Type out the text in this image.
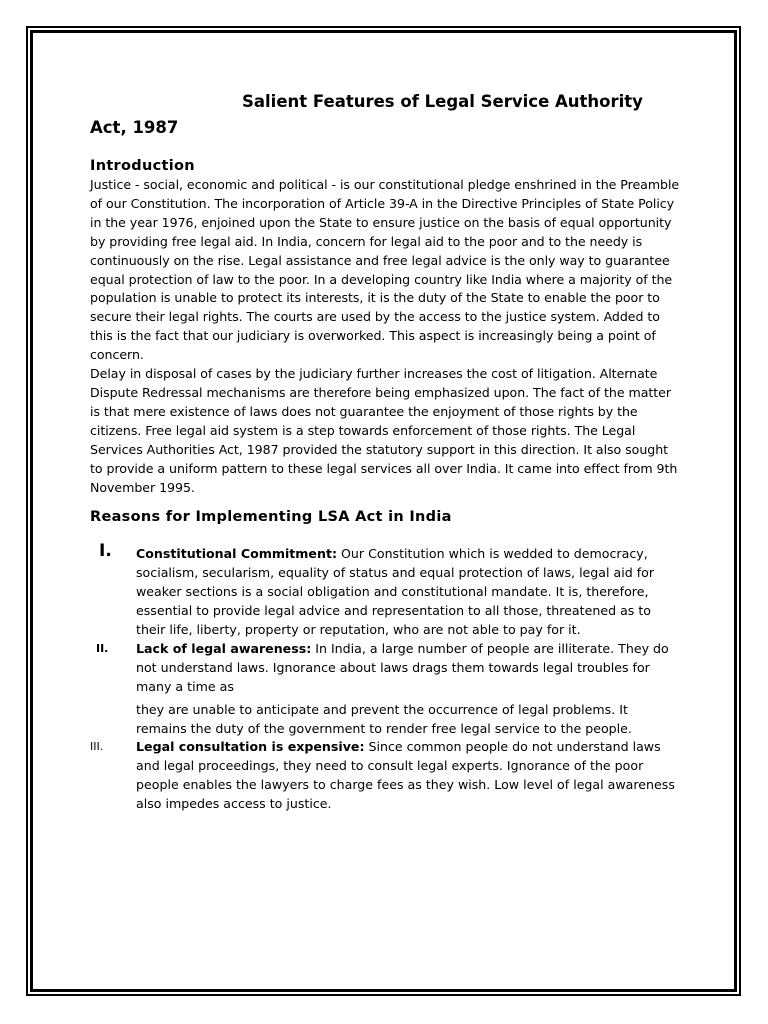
Salient Features of Legal Service Authority
Act, 1987
Introduction

Justice - social, economic and political - is our constitutional pledge enshrined in the Preamble of our Constitution. The incorporation of Article 39-A in the Directive Principles of State Policy in the year 1976, enjoined upon the State to ensure justice on the basis of equal opportunity by providing free legal aid. In India, concern for legal aid to the poor and to the needy is continuously on the rise. Legal assistance and free legal advice is the only way to guarantee equal protection of law to the poor. In a developing country like India where a majority of the population is unable to protect its interests, it is the duty of the State to enable the poor to secure their legal rights. The courts are used by the access to the justice system. Added to this is the fact that our judiciary is overworked. This aspect is increasingly being a point of concern.

Delay in disposal of cases by the judiciary further increases the cost of litigation. Alternate Dispute Redressal mechanisms are therefore being emphasized upon. The fact of the matter is that mere existence of laws does not guarantee the enjoyment of those rights by the citizens. Free legal aid system is a step towards enforcement of those rights. The Legal Services Authorities Act, 1987 provided the statutory support in this direction. It also sought to provide a uniform pattern to these legal services all over India. It came into effect from 9th November 1995.

Reasons for Implementing LSA Act in India
I. Constitutional Commitment: Our Constitution which is wedded to democracy, socialism, secularism, equality of status and equal protection of laws, legal aid for weaker sections is a social obligation and constitutional mandate. It is, therefore, essential to provide legal advice and representation to all those, threatened as to their life, liberty, property or reputation, who are not able to pay for it.
II. Lack of legal awareness: In India, a large number of people are illiterate. They do not understand laws. Ignorance about laws drags them towards legal troubles for many a time as
they are unable to anticipate and prevent the occurrence of legal problems. It remains the duty of the government to render free legal service to the people.
III.	Legal consultation is expensive: Since common people do not understand laws and legal proceedings, they need to consult legal experts. Ignorance of the poor people enables the lawyers to charge fees as they wish. Low level of legal awareness also impedes access to justice.
